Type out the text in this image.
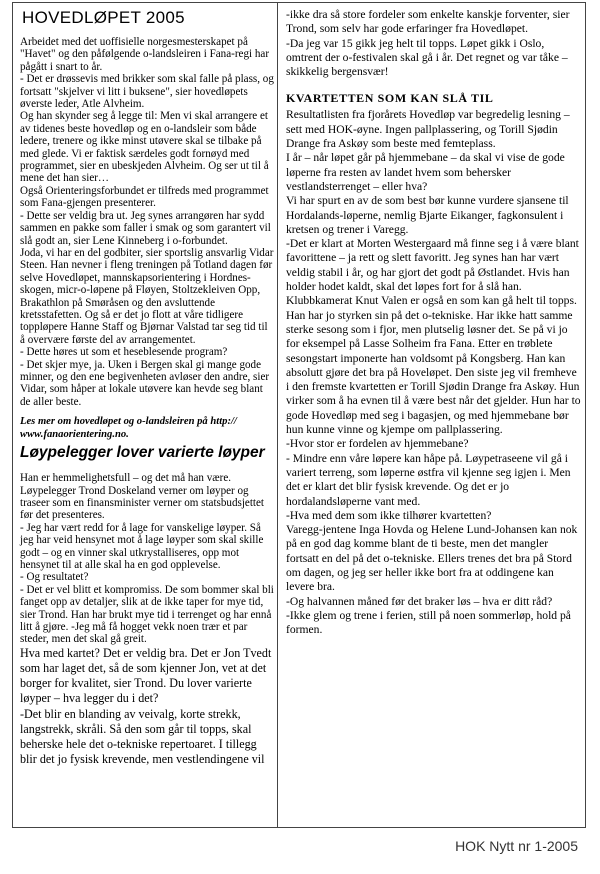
HOVEDLØPET 2005

Arbeidet med det uoffisielle norgesmesterskapet på "Havet" og den påfølgende o-landsleiren i Fana-regi har pågått i snart to år.

- Det er drøssevis med brikker som skal falle på plass, og fortsatt "skjelver vi litt i buksene", sier hovedløpets øverste leder, Atle Alvheim.

Og han skynder seg å legge til: Men vi skal arrangere et av tidenes beste hovedløp og en o-landsleir som både ledere, trenere og ikke minst utøvere skal se tilbake på med glede. Vi er faktisk særdeles godt fornøyd med programmet, sier en ubeskjeden Alvheim. Og ser ut til å mene det han sier…

Også Orienteringsforbundet er tilfreds med programmet som Fana-gjengen presenterer.

- Dette ser veldig bra ut. Jeg synes arrangøren har sydd sammen en pakke som faller i smak og som garantert vil slå godt an, sier Lene Kinneberg i o-forbundet.

Joda, vi har en del godbiter, sier sportslig ansvarlig Vidar Steen. Han nevner i fleng treningen på Totland dagen før selve Hovedløpet, mannskapsorientering i Hordnes-skogen, micr-o-løpene på Fløyen, Stoltzekleiven Opp, Brakathlon på Smøråsen og den avsluttende kretsstafetten. Og så er det jo flott at våre tidligere toppløpere Hanne Staff og Bjørnar Valstad tar seg tid til å overvære første del av arrangementet.

- Dette høres ut som et heseblesende program?

- Det skjer mye, ja. Uken i Bergen skal gi mange gode minner, og den ene begivenheten avløser den andre, sier Vidar, som håper at lokale utøvere kan hevde seg blant de aller beste.

Les mer om hovedløpet og o-landsleiren på http:// www.fanaorientering.no.

Løypelegger lover varierte løyper

Han er hemmelighetsfull – og det må han være. Løypelegger Trond Doskeland verner om løyper og traseer som en finansminister verner om statsbudsjettet før det presenteres.

- Jeg har vært redd for å lage for vanskelige løyper. Så jeg har veid hensynet mot å lage løyper som skal skille godt – og en vinner skal utkrystalliseres, opp mot hensynet til at alle skal ha en god opplevelse.

- Og resultatet?

- Det er vel blitt et kompromiss. De som bommer skal bli fanget opp av detaljer, slik at de ikke taper for mye tid, sier Trond. Han har brukt mye tid i terrenget og har ennå litt å gjøre. -Jeg må få hogget vekk noen trær et par steder, men det skal gå greit.

Hva med kartet? Det er veldig bra. Det er Jon Tvedt som har laget det, så de som kjenner Jon, vet at det borger for kvalitet, sier Trond. Du lover varierte løyper – hva legger du i det?

-Det blir en blanding av veivalg, korte strekk, langstrekk, skråli. Så den som går til topps, skal beherske hele det o-tekniske repertoaret. I tillegg blir det jo fysisk krevende, men vestlendingene vil

-ikke dra så store fordeler som enkelte kanskje forventer, sier Trond, som selv har gode erfaringer fra Hovedløpet.

-Da jeg var 15 gikk jeg helt til topps. Løpet gikk i Oslo, omtrent der o-festivalen skal gå i år. Det regnet og var tåke – skikkelig bergensvær!

KVARTETTEN SOM KAN SLÅ TIL

Resultatlisten fra fjorårets Hovedløp var begredelig lesning – sett med HOK-øyne. Ingen pallplassering, og Torill Sjødin Drange fra Askøy som beste med femteplass.

I år – når løpet går på hjemmebane – da skal vi vise de gode løperne fra resten av landet hvem som behersker vestlandsterrenget – eller hva?

Vi har spurt en av de som best bør kunne vurdere sjansene til Hordalands-løperne, nemlig Bjarte Eikanger, fagkonsulent i kretsen og trener i Varegg.

-Det er klart at Morten Westergaard må finne seg i å være blant favorittene – ja rett og slett favoritt. Jeg synes han har vært veldig stabil i år, og har gjort det godt på Østlandet. Hvis han holder hodet kaldt, skal det løpes fort for å slå han.

Klubbkamerat Knut Valen er også en som kan gå helt til topps. Han har jo styrken sin på det o-tekniske. Har ikke hatt samme sterke sesong som i fjor, men plutselig løsner det. Se på vi jo for eksempel på Lasse Solheim fra Fana. Etter en trøblete sesongstart imponerte han voldsomt på Kongsberg. Han kan absolutt gjøre det bra på Hoveløpet. Den siste jeg vil fremheve i den fremste kvartetten er Torill Sjødin Drange fra Askøy. Hun virker som å ha evnen til å være best når det gjelder. Hun har to gode Hovedløp med seg i bagasjen, og med hjemmebane bør hun kunne vinne og kjempe om pallplassering.

-Hvor stor er fordelen av hjemmebane?

- Mindre enn våre løpere kan håpe på. Løypetraseene vil gå i variert terreng, som løperne østfra vil kjenne seg igjen i. Men det er klart det blir fysisk krevende. Og det er jo hordalandsløperne vant med.

-Hva med dem som ikke tilhører kvartetten?

Varegg-jentene Inga Hovda og Helene Lund-Johansen kan nok på en god dag komme blant de ti beste, men det mangler fortsatt en del på det o-tekniske. Ellers trenes det bra på Stord om dagen, og jeg ser heller ikke bort fra at oddingene kan levere bra.

-Og halvannen måned før det braker løs – hva er ditt råd?

-Ikke glem og trene i ferien, still på noen sommerløp, hold på formen.

HOK Nytt nr 1-2005
